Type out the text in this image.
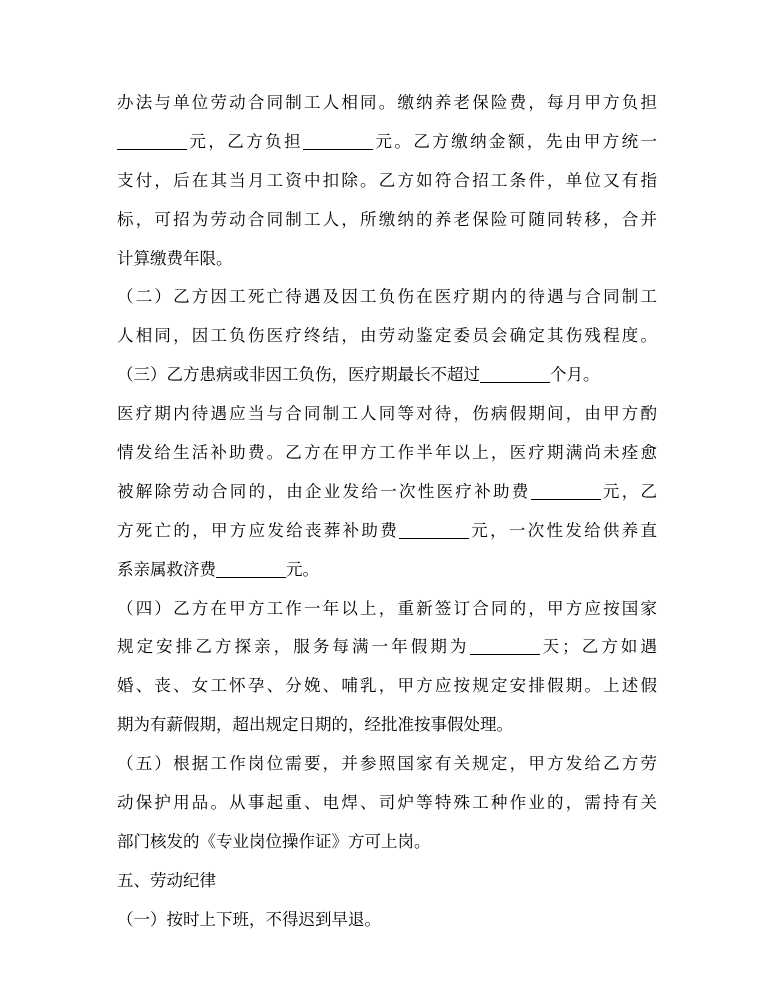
办法与单位劳动合同制工人相同。缴纳养老保险费，每月甲方负担
元，乙方负担	元。乙方缴纳金额，先由甲方统一
支付，后在其当月工资中扣除。乙方如符合招工条件，单位又有指
标，可招为劳动合同制工人，所缴纳的养老保险可随同转移，合并
计算缴费年限。
（二）乙方因工死亡待遇及因工负伤在医疗期内的待遇与合同制工
人相同，因工负伤医疗终结，由劳动鉴定委员会确定其伤残程度。
（三）乙方患病或非因工负伤，医疗期最长不超过	个月。
医疗期内待遇应当与合同制工人同等对待，伤病假期间，由甲方酌
情发给生活补助费。乙方在甲方工作半年以上，医疗期满尚未痊愈
被解除劳动合同的，由企业发给一次性医疗补助费	元，乙
方死亡的，甲方应发给丧葬补助费	元，一次性发给供养直
系亲属救济费	元。
（四）乙方在甲方工作一年以上，重新签订合同的，甲方应按国家
规定安排乙方探亲，服务每满一年假期为	天；乙方如遇
婚、丧、女工怀孕、分娩、哺乳，甲方应按规定安排假期。上述假
期为有薪假期，超出规定日期的，经批准按事假处理。
（五）根据工作岗位需要，并参照国家有关规定，甲方发给乙方劳
动保护用品。从事起重、电焊、司炉等特殊工种作业的，需持有关
部门核发的《专业岗位操作证》方可上岗。
五、劳动纪律
（一）按时上下班，不得迟到早退。
